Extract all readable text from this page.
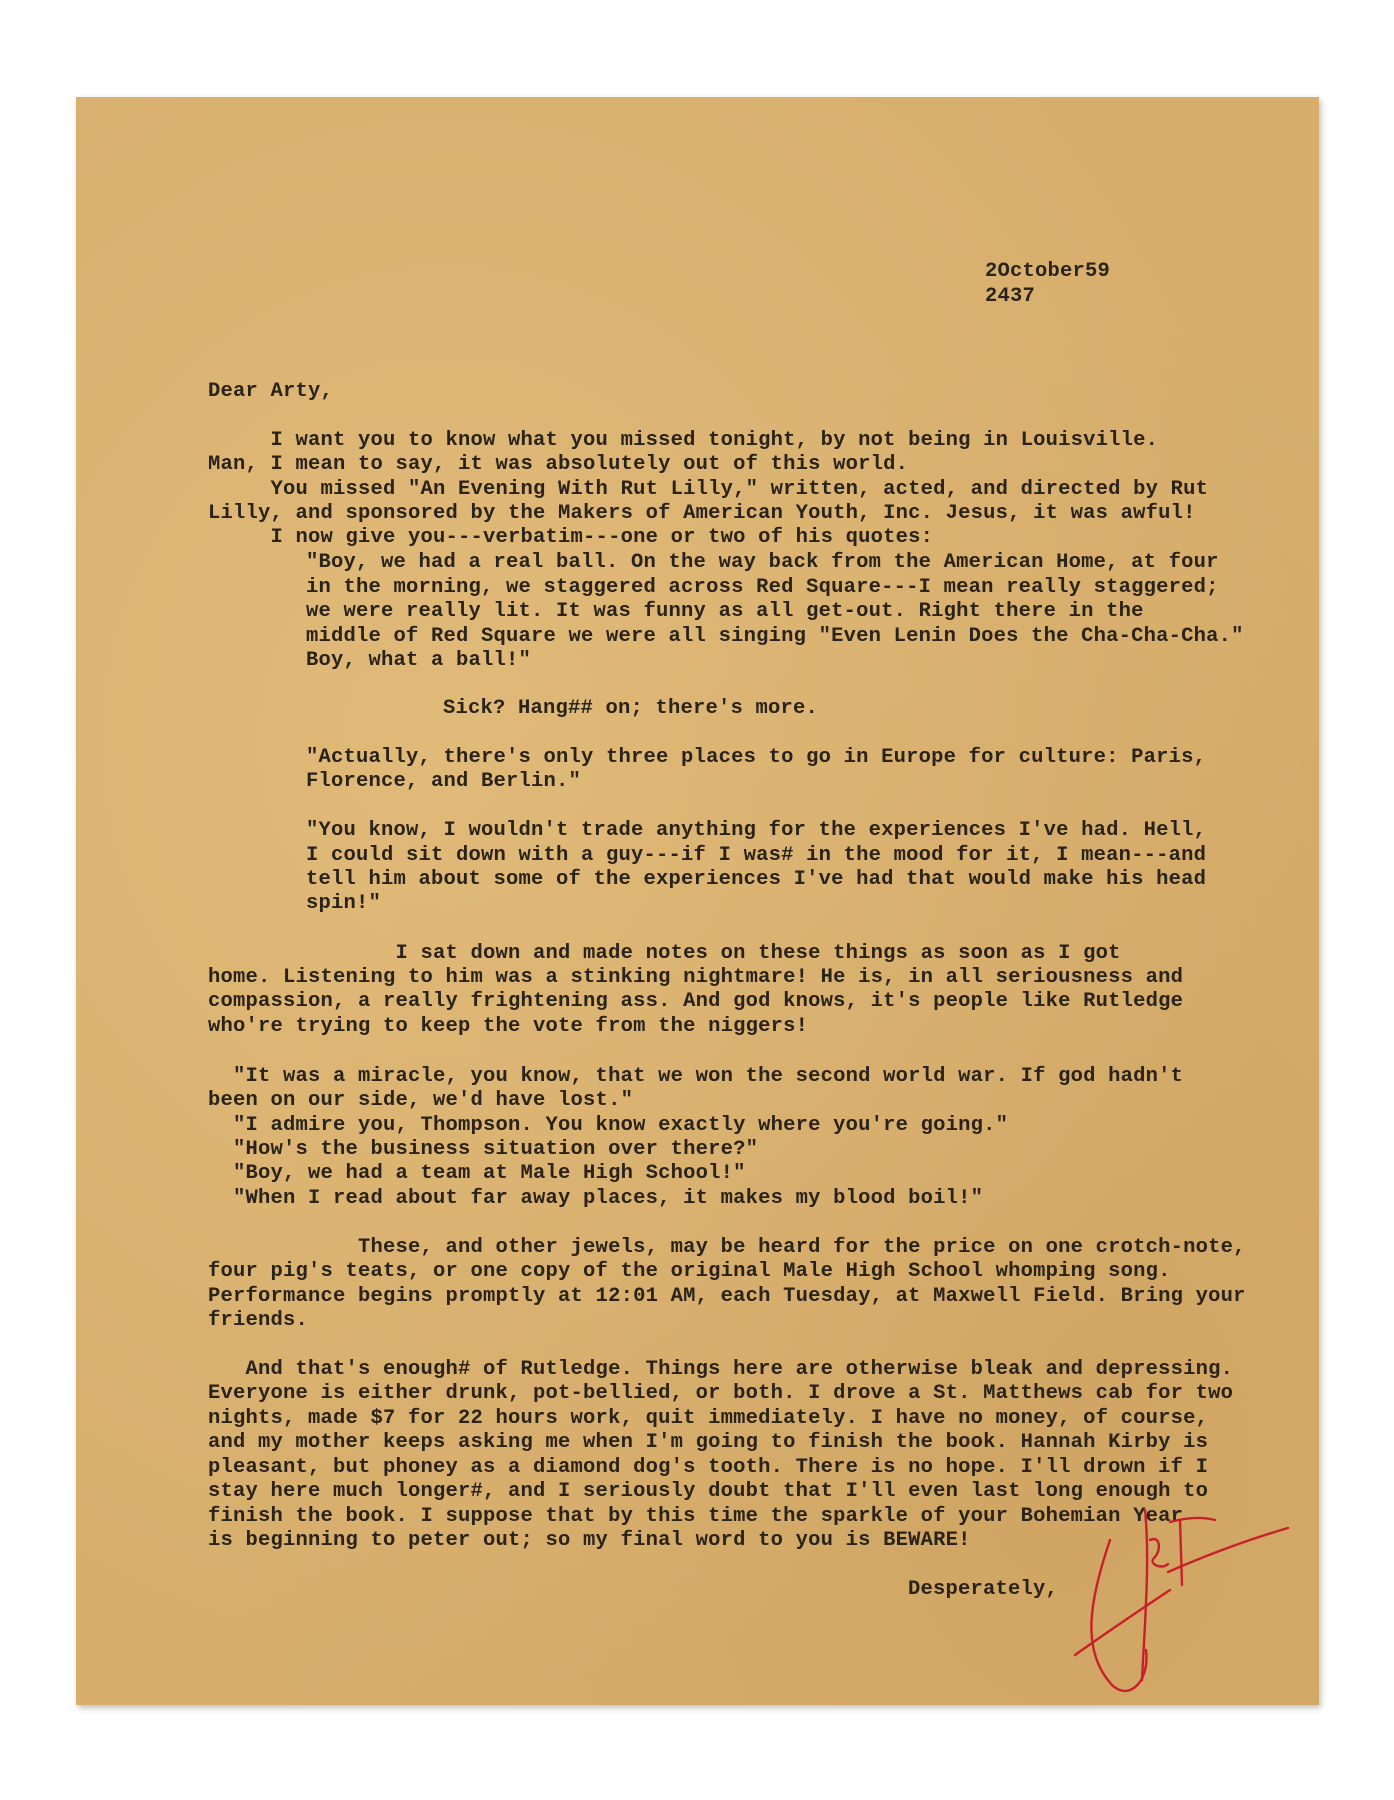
2October59
2437
Dear Arty,
I want you to know what you missed tonight, by not being in Louisville.
Man, I mean to say, it was absolutely out of this world.
You missed "An Evening With Rut Lilly," written, acted, and directed by Rut
Lilly, and sponsored by the Makers of American Youth, Inc. Jesus, it was awful!
I now give you---verbatim---one or two of his quotes:
"Boy, we had a real ball. On the way back from the American Home, at four
in the morning, we staggered across Red Square---I mean really staggered;
we were really lit. It was funny as all get-out. Right there in the
middle of Red Square we were all singing "Even Lenin Does the Cha-Cha-Cha."
Boy, what a ball!"
Sick? Hang## on; there's more.
"Actually, there's only three places to go in Europe for culture: Paris,
Florence, and Berlin."
"You know, I wouldn't trade anything for the experiences I've had. Hell,
I could sit down with a guy---if I was# in the mood for it, I mean---and
tell him about some of the experiences I've had that would make his head
spin!"
I sat down and made notes on these things as soon as I got
home. Listening to him was a stinking nightmare! He is, in all seriousness and
compassion, a really frightening ass. And god knows, it's people like Rutledge
who're trying to keep the vote from the niggers!
"It was a miracle, you know, that we won the second world war. If god hadn't
been on our side, we'd have lost."
"I admire you, Thompson. You know exactly where you're going."
"How's the business situation over there?"
"Boy, we had a team at Male High School!"
"When I read about far away places, it makes my blood boil!"
These, and other jewels, may be heard for the price on one crotch-note,
four pig's teats, or one copy of the original Male High School whomping song.
Performance begins promptly at 12:01 AM, each Tuesday, at Maxwell Field. Bring your
friends.
And that's enough# of Rutledge. Things here are otherwise bleak and depressing.
Everyone is either drunk, pot-bellied, or both. I drove a St. Matthews cab for two
nights, made $7 for 22 hours work, quit immediately. I have no money, of course,
and my mother keeps asking me when I'm going to finish the book. Hannah Kirby is
pleasant, but phoney as a diamond dog's tooth. There is no hope. I'll drown if I
stay here much longer#, and I seriously doubt that I'll even last long enough to
finish the book. I suppose that by this time the sparkle of your Bohemian Year
is beginning to peter out; so my final word to you is BEWARE!
Desperately,
